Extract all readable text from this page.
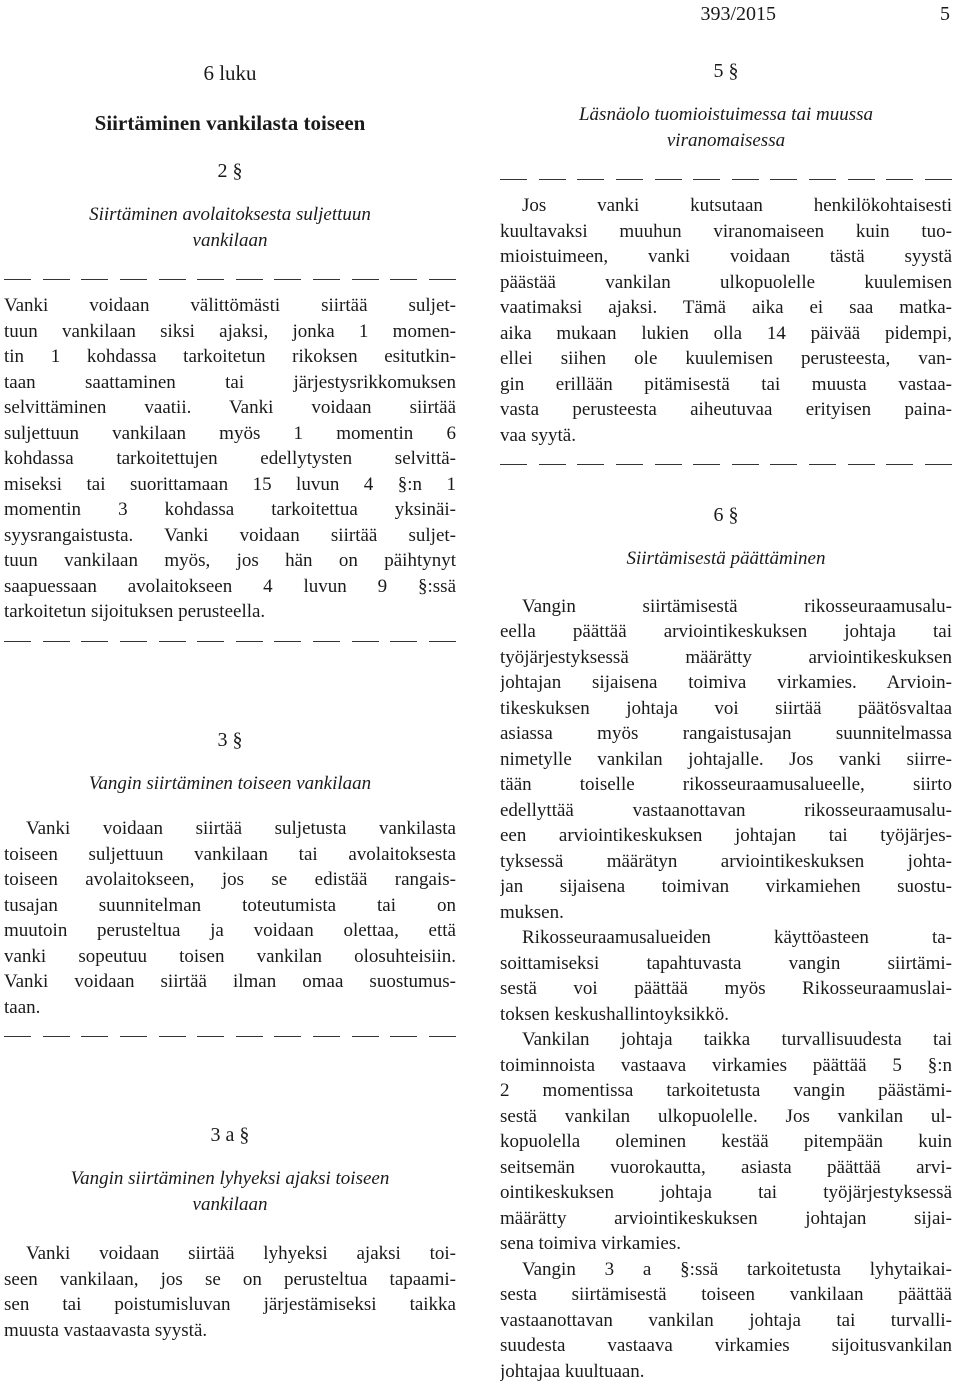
393/2015	5
6 luku
Siirtäminen vankilasta toiseen
2 §
Siirtäminen avolaitoksesta suljettuun
vankilaan
Vanki voidaan välittömästi siirtää suljet-
tuun vankilaan siksi ajaksi, jonka 1 momen-
tin 1 kohdassa tarkoitetun rikoksen esitutkin-
taan saattaminen tai järjestysrikkomuksen
selvittäminen vaatii. Vanki voidaan siirtää
suljettuun vankilaan myös 1 momentin 6
kohdassa tarkoitettujen edellytysten selvittä-
miseksi tai suorittamaan 15 luvun 4 §:n 1
momentin 3 kohdassa tarkoitettua yksinäi-
syysrangaistusta. Vanki voidaan siirtää suljet-
tuun vankilaan myös, jos hän on päihtynyt
saapuessaan avolaitokseen 4 luvun 9 §:ssä
tarkoitetun sijoituksen perusteella.
3 §
Vangin siirtäminen toiseen vankilaan
Vanki voidaan siirtää suljetusta vankilasta
toiseen suljettuun vankilaan tai avolaitoksesta
toiseen avolaitokseen, jos se edistää rangais-
tusajan suunnitelman toteutumista tai on
muutoin perusteltua ja voidaan olettaa, että
vanki sopeutuu toisen vankilan olosuhteisiin.
Vanki voidaan siirtää ilman omaa suostumus-
taan.
3 a §
Vangin siirtäminen lyhyeksi ajaksi toiseen
vankilaan
Vanki voidaan siirtää lyhyeksi ajaksi toi-
seen vankilaan, jos se on perusteltua tapaami-
sen tai poistumisluvan järjestämiseksi taikka
muusta vastaavasta syystä.
5 §
Läsnäolo tuomioistuimessa tai muussa
viranomaisessa
Jos vanki kutsutaan henkilökohtaisesti
kuultavaksi muuhun viranomaiseen kuin tuo-
mioistuimeen, vanki voidaan tästä syystä
päästää vankilan ulkopuolelle kuulemisen
vaatimaksi ajaksi. Tämä aika ei saa matka-
aika mukaan lukien olla 14 päivää pidempi,
ellei siihen ole kuulemisen perusteesta, van-
gin erillään pitämisestä tai muusta vastaa-
vasta perusteesta aiheutuvaa erityisen paina-
vaa syytä.
6 §
Siirtämisestä päättäminen
Vangin siirtämisestä rikosseuraamusalu-
eella päättää arviointikeskuksen johtaja tai
työjärjestyksessä määrätty arviointikeskuksen
johtajan sijaisena toimiva virkamies. Arvioin-
tikeskuksen johtaja voi siirtää päätösvaltaa
asiassa myös rangaistusajan suunnitelmassa
nimetylle vankilan johtajalle. Jos vanki siirre-
tään toiselle rikosseuraamusalueelle, siirto
edellyttää vastaanottavan rikosseuraamusalu-
een arviointikeskuksen johtajan tai työjärjes-
tyksessä määrätyn arviointikeskuksen johta-
jan sijaisena toimivan virkamiehen suostu-
muksen.
Rikosseuraamusalueiden käyttöasteen ta-
soittamiseksi tapahtuvasta vangin siirtämi-
sestä voi päättää myös Rikosseuraamuslai-
toksen keskushallintoyksikkö.
Vankilan johtaja taikka turvallisuudesta tai
toiminnoista vastaava virkamies päättää 5 §:n
2 momentissa tarkoitetusta vangin päästämi-
sestä vankilan ulkopuolelle. Jos vankilan ul-
kopuolella oleminen kestää pitempään kuin
seitsemän vuorokautta, asiasta päättää arvi-
ointikeskuksen johtaja tai työjärjestyksessä
määrätty arviointikeskuksen johtajan sijai-
sena toimiva virkamies.
Vangin 3 a §:ssä tarkoitetusta lyhytaikai-
sesta siirtämisestä toiseen vankilaan päättää
vastaanottavan vankilan johtaja tai turvalli-
suudesta vastaava virkamies sijoitusvankilan
johtajaa kuultuaan.
